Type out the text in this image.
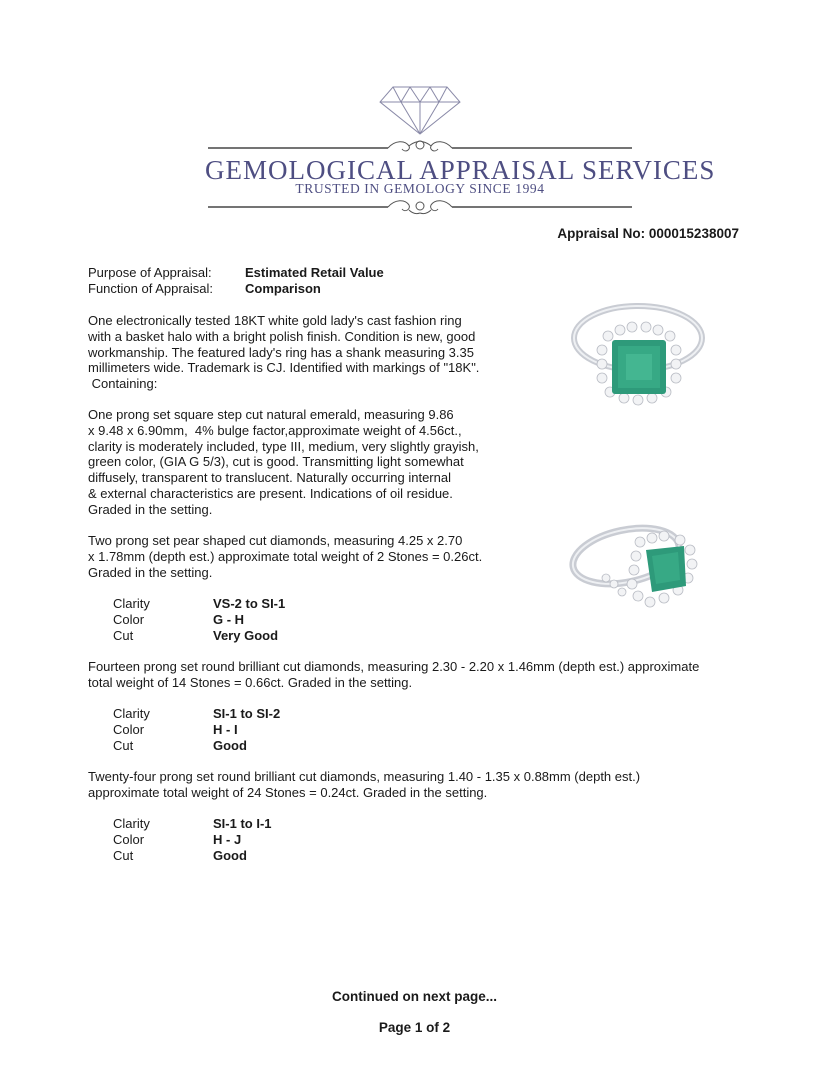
GEMOLOGICAL APPRAISAL SERVICES
TRUSTED IN GEMOLOGY SINCE 1994
Appraisal No: 000015238007
Purpose of Appraisal:	Estimated Retail Value
Function of Appraisal: Comparison
One electronically tested 18KT white gold lady's cast fashion ring
with a basket halo with a bright polish finish. Condition is new, good
workmanship. The featured lady's ring has a shank measuring 3.35
millimeters wide. Trademark is CJ. Identified with markings of "18K".
Containing:
One prong set square step cut natural emerald, measuring 9.86
x 9.48 x 6.90mm,  4% bulge factor,approximate weight of 4.56ct.,
clarity is moderately included, type III, medium, very slightly grayish,
green color, (GIA G 5/3), cut is good. Transmitting light somewhat
diffusely, transparent to translucent. Naturally occurring internal
& external characteristics are present. Indications of oil residue.
Graded in the setting.
Two prong set pear shaped cut diamonds, measuring 4.25 x 2.70
x 1.78mm (depth est.) approximate total weight of 2 Stones = 0.26ct.
Graded in the setting.
Clarity	VS-2 to SI-1
Color	G - H
Cut	Very Good
Fourteen prong set round brilliant cut diamonds, measuring 2.30 - 2.20 x 1.46mm (depth est.) approximate
total weight of 14 Stones = 0.66ct. Graded in the setting.
Clarity	SI-1 to SI-2
Color	H - I
Cut	Good
Twenty-four prong set round brilliant cut diamonds, measuring 1.40 - 1.35 x 0.88mm (depth est.)
approximate total weight of 24 Stones = 0.24ct. Graded in the setting.
Clarity	SI-1 to I-1
Color	H - J
Cut	Good
Continued on next page...
Page 1 of 2
